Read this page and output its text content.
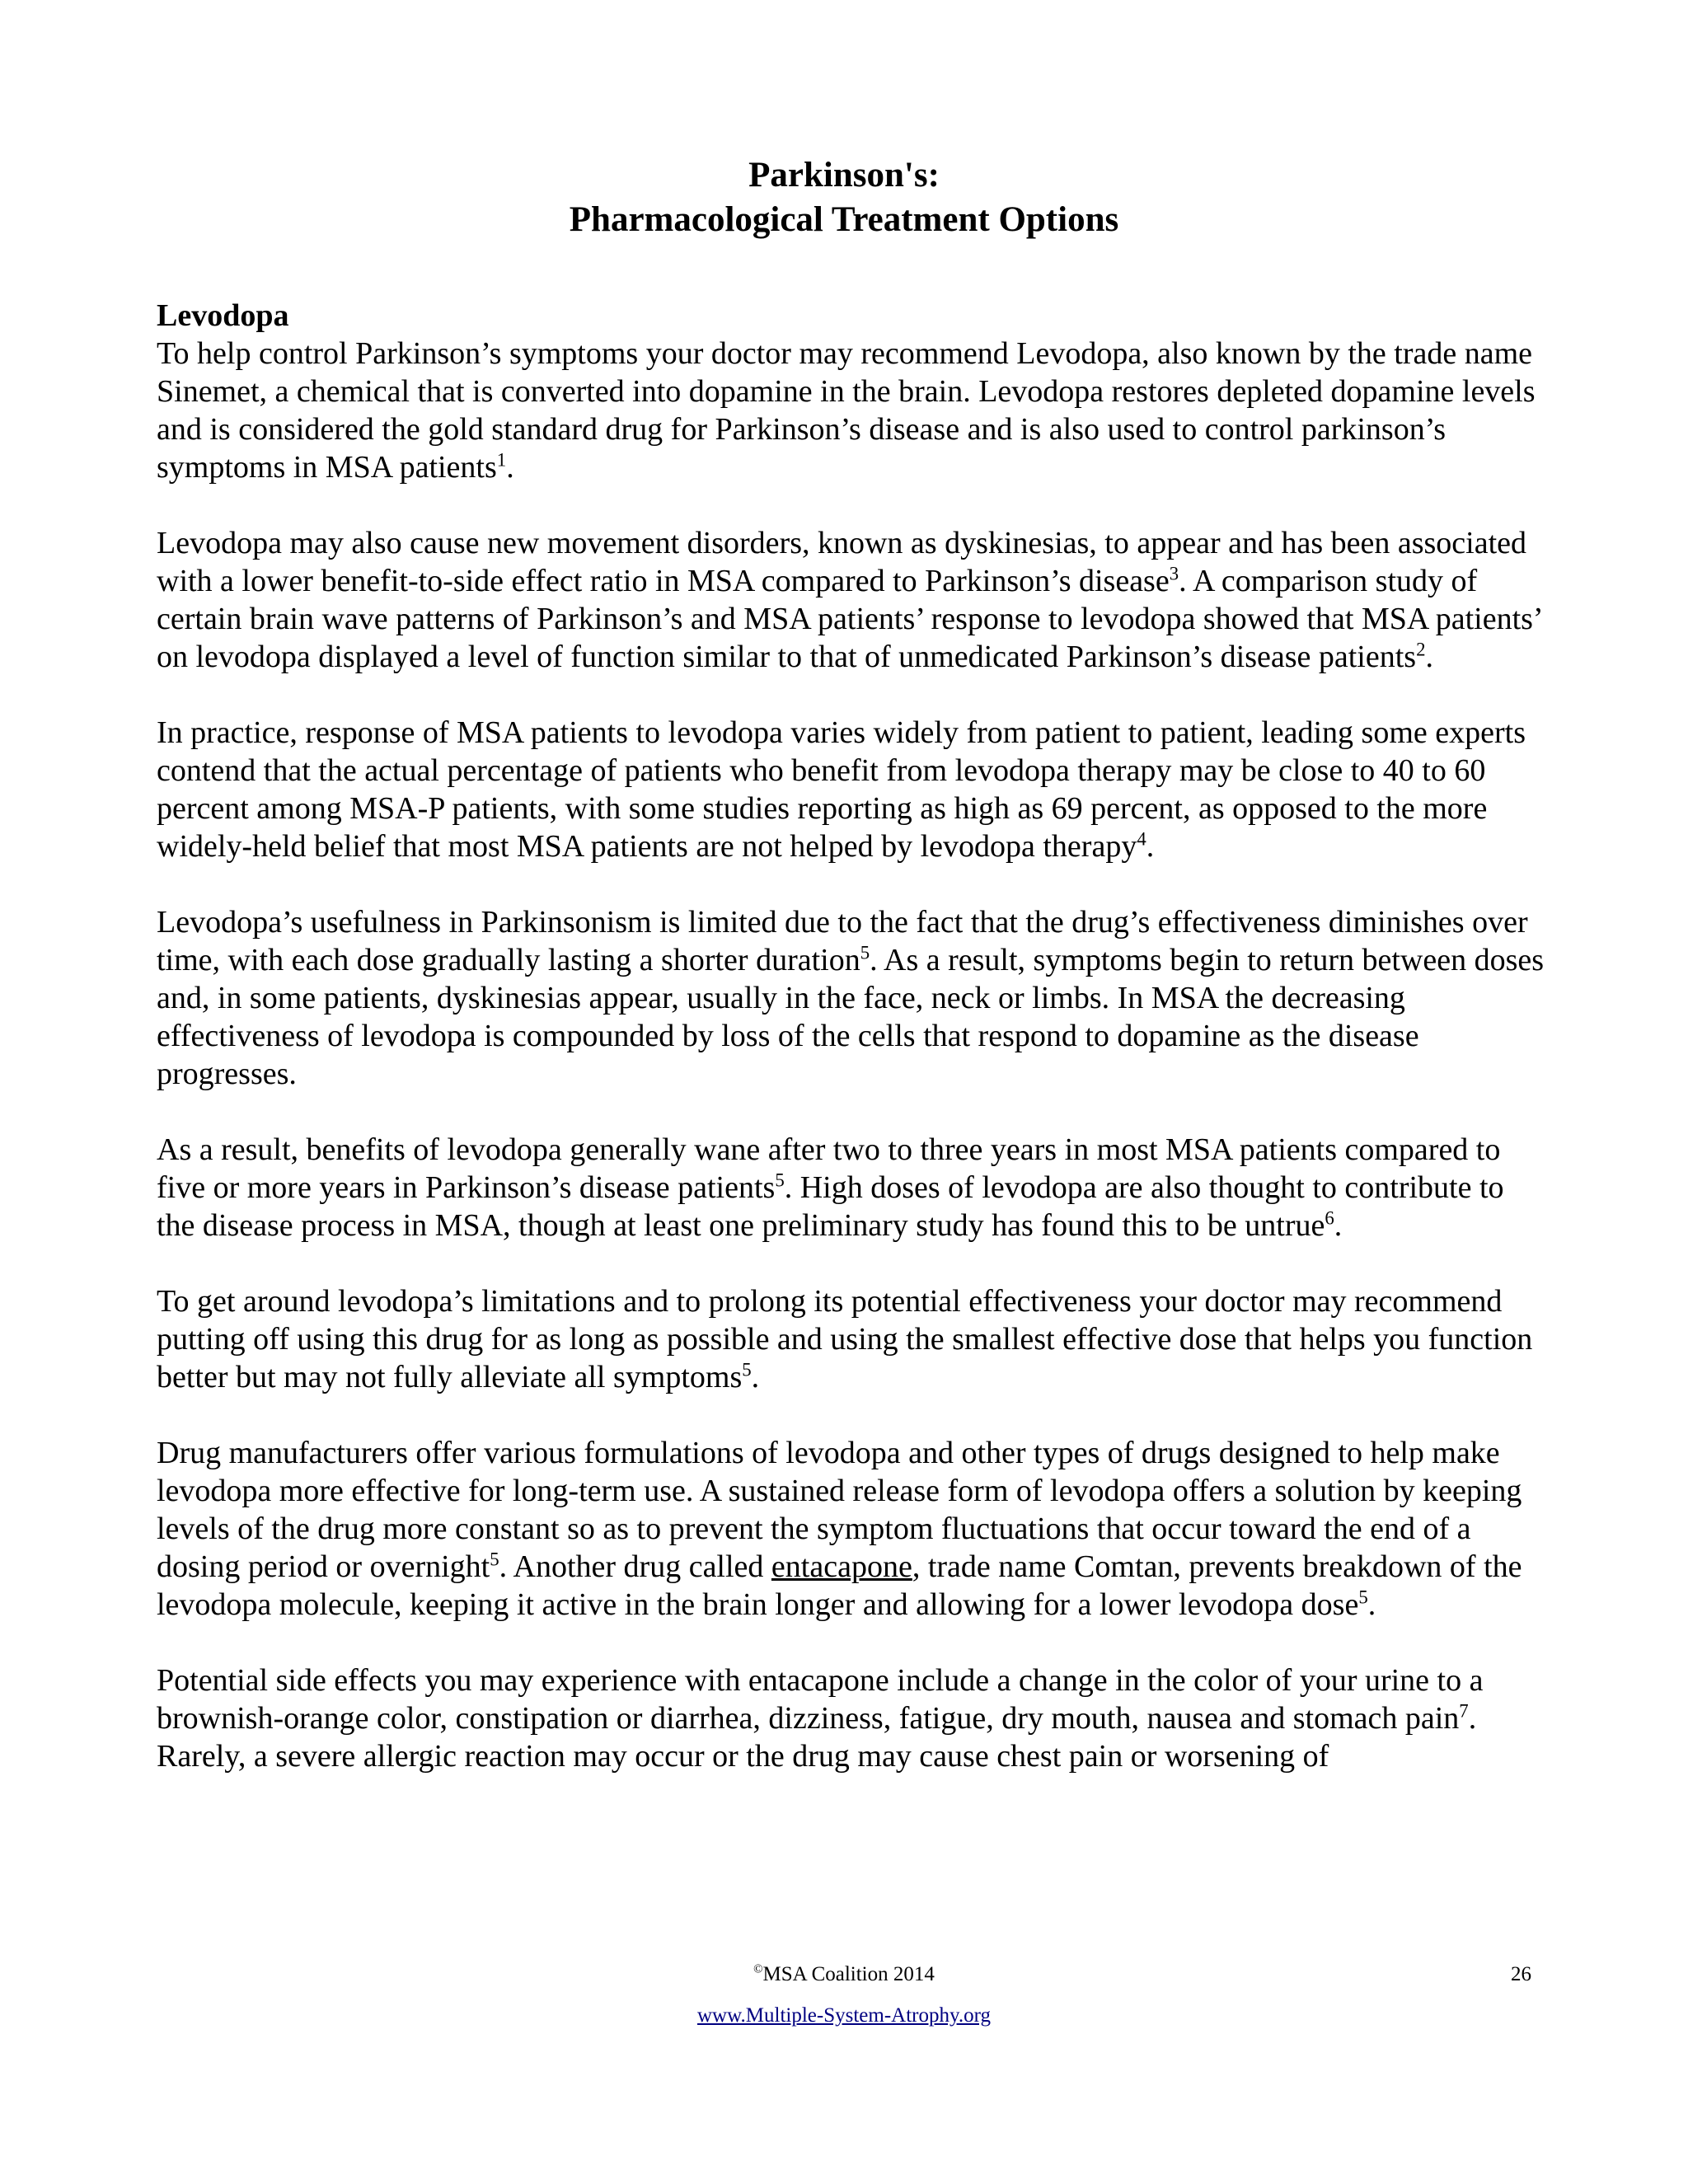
Parkinson's:
Pharmacological Treatment Options
Levodopa

To help control Parkinson’s symptoms your doctor may recommend Levodopa, also known by the trade name Sinemet, a chemical that is converted into dopamine in the brain. Levodopa restores depleted dopamine levels and is considered the gold standard drug for Parkinson’s disease and is also used to control parkinson’s symptoms in MSA patients$^1$.

Levodopa may also cause new movement disorders, known as dyskinesias, to appear and has been associated with a lower benefit-to-side effect ratio in MSA compared to Parkinson’s disease$^3$. A comparison study of certain brain wave patterns of Parkinson’s and MSA patients’ response to levodopa showed that MSA patients’ on levodopa displayed a level of function similar to that of unmedicated Parkinson’s disease patients$^2$.

In practice, response of MSA patients to levodopa varies widely from patient to patient, leading some experts contend that the actual percentage of patients who benefit from levodopa therapy may be close to 40 to 60 percent among MSA-P patients, with some studies reporting as high as 69 percent, as opposed to the more widely-held belief that most MSA patients are not helped by levodopa therapy$^4$.

Levodopa’s usefulness in Parkinsonism is limited due to the fact that the drug’s effectiveness diminishes over time, with each dose gradually lasting a shorter duration$^5$. As a result, symptoms begin to return between doses and, in some patients, dyskinesias appear, usually in the face, neck or limbs. In MSA the decreasing effectiveness of levodopa is compounded by loss of the cells that respond to dopamine as the disease progresses.

As a result, benefits of levodopa generally wane after two to three years in most MSA patients compared to five or more years in Parkinson’s disease patients$^5$. High doses of levodopa are also thought to contribute to the disease process in MSA, though at least one preliminary study has found this to be untrue$^6$.

To get around levodopa’s limitations and to prolong its potential effectiveness your doctor may recommend putting off using this drug for as long as possible and using the smallest effective dose that helps you function better but may not fully alleviate all symptoms$^5$.

Drug manufacturers offer various formulations of levodopa and other types of drugs designed to help make levodopa more effective for long-term use. A sustained release form of levodopa offers a solution by keeping levels of the drug more constant so as to prevent the symptom fluctuations that occur toward the end of a dosing period or overnight$^5$. Another drug called entacapone, trade name Comtan, prevents breakdown of the levodopa molecule, keeping it active in the brain longer and allowing for a lower levodopa dose$^5$.

Potential side effects you may experience with entacapone include a change in the color of your urine to a brownish-orange color, constipation or diarrhea, dizziness, fatigue, dry mouth, nausea and stomach pain$^7$. Rarely, a severe allergic reaction may occur or the drug may cause chest pain or worsening of

©MSA Coalition 2014	26
www.Multiple-System-Atrophy.org
